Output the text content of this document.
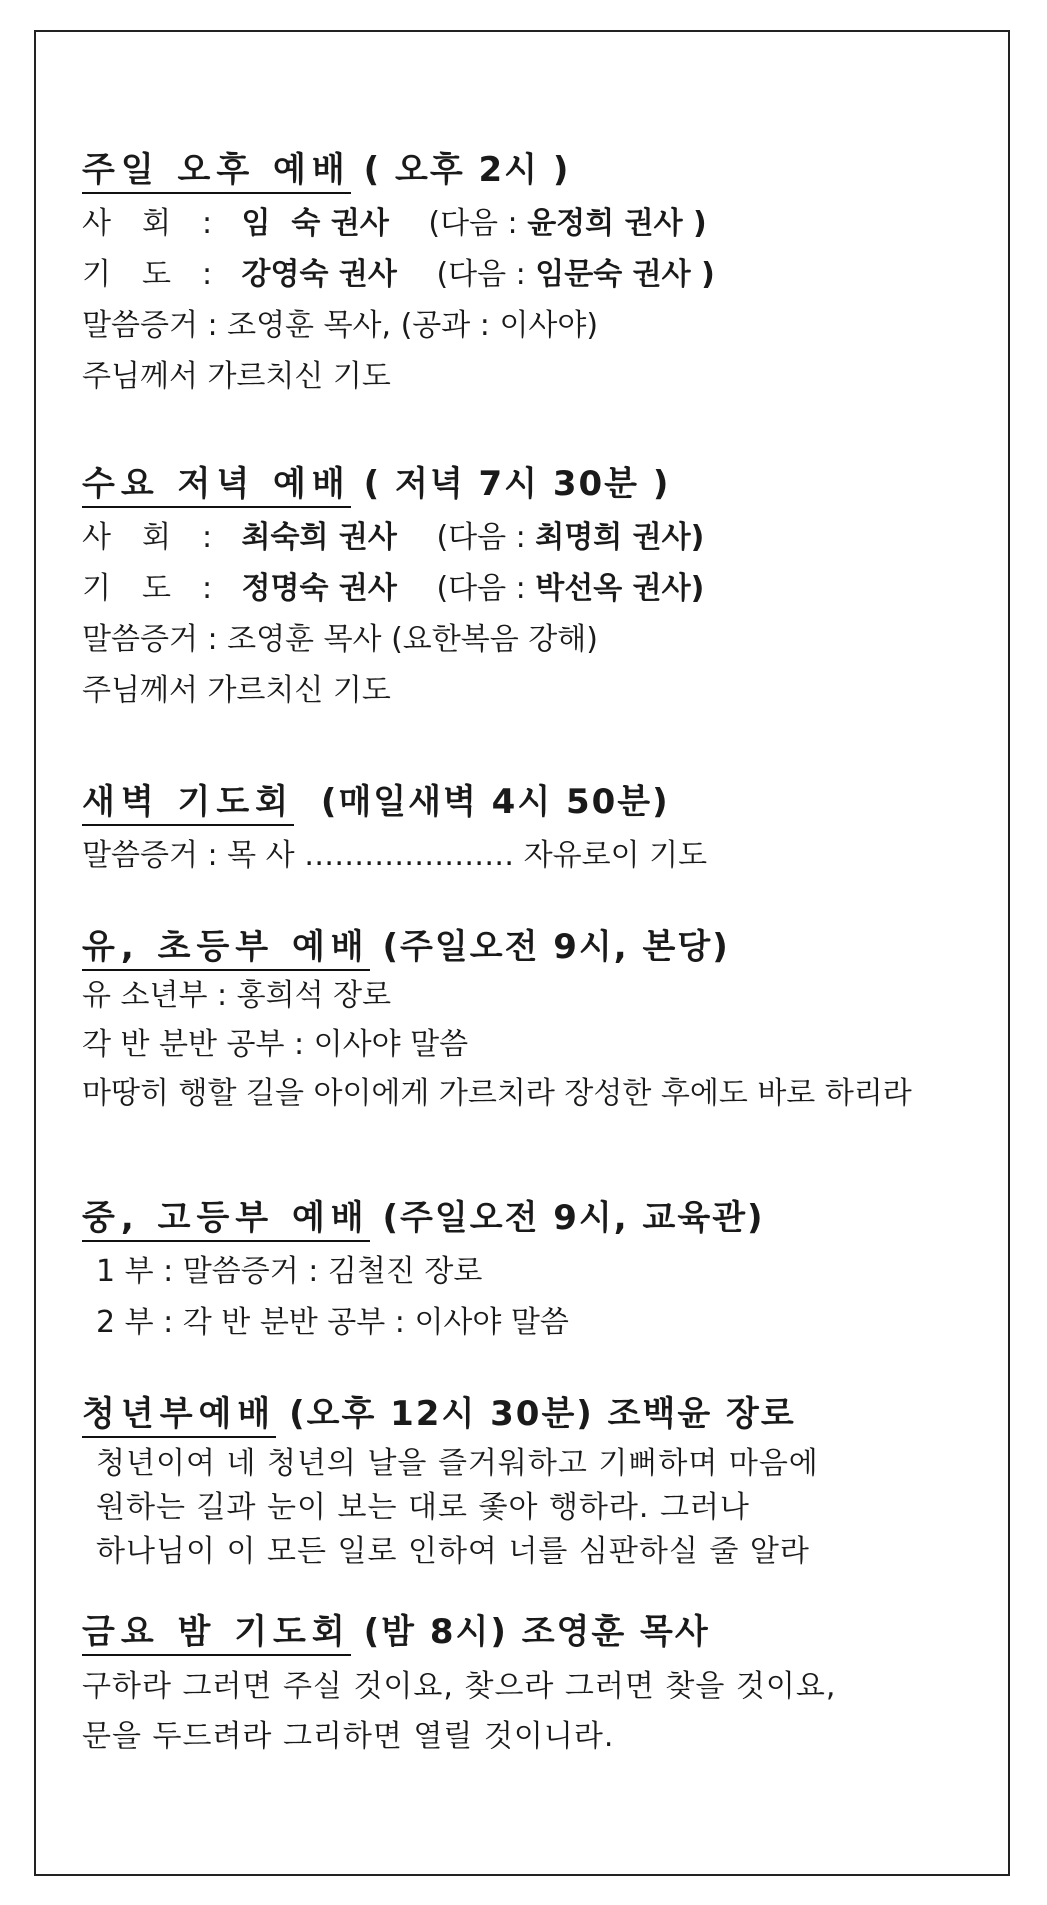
주일 오후 예배 ( 오후 2시 )
사 회 : 임  숙 권사 (다음 : 윤정희 권사 )
기 도 : 강영숙 권사 (다음 : 임문숙 권사 )
말씀증거 : 조영훈 목사, (공과 : 이사야)
주님께서 가르치신 기도
수요 저녁 예배 ( 저녁 7시 30분 )
사 회 : 최숙희 권사 (다음 : 최명희 권사)
기 도 : 정명숙 권사 (다음 : 박선옥 권사)
말씀증거 : 조영훈 목사 (요한복음 강해)
주님께서 가르치신 기도
새벽 기도회 (매일새벽 4시 50분)
말씀증거 : 목 사 ………………… 자유로이 기도
유, 초등부 예배 (주일오전 9시, 본당)
유 소년부 : 홍희석 장로
각 반 분반 공부 : 이사야 말씀
마땅히 행할 길을 아이에게 가르치라 장성한 후에도 바로 하리라
중, 고등부 예배 (주일오전 9시, 교육관)
1 부 : 말씀증거 : 김철진 장로
2 부 : 각 반 분반 공부 : 이사야 말씀
청년부예배 (오후 12시 30분) 조백윤 장로
청년이여 네 청년의 날을 즐거워하고 기뻐하며 마음에
원하는 길과 눈이 보는 대로 좇아 행하라. 그러나
하나님이 이 모든 일로 인하여 너를 심판하실 줄 알라
금요 밤 기도회 (밤 8시) 조영훈 목사
구하라 그러면 주실 것이요, 찾으라 그러면 찾을 것이요,
문을 두드려라 그리하면 열릴 것이니라.
